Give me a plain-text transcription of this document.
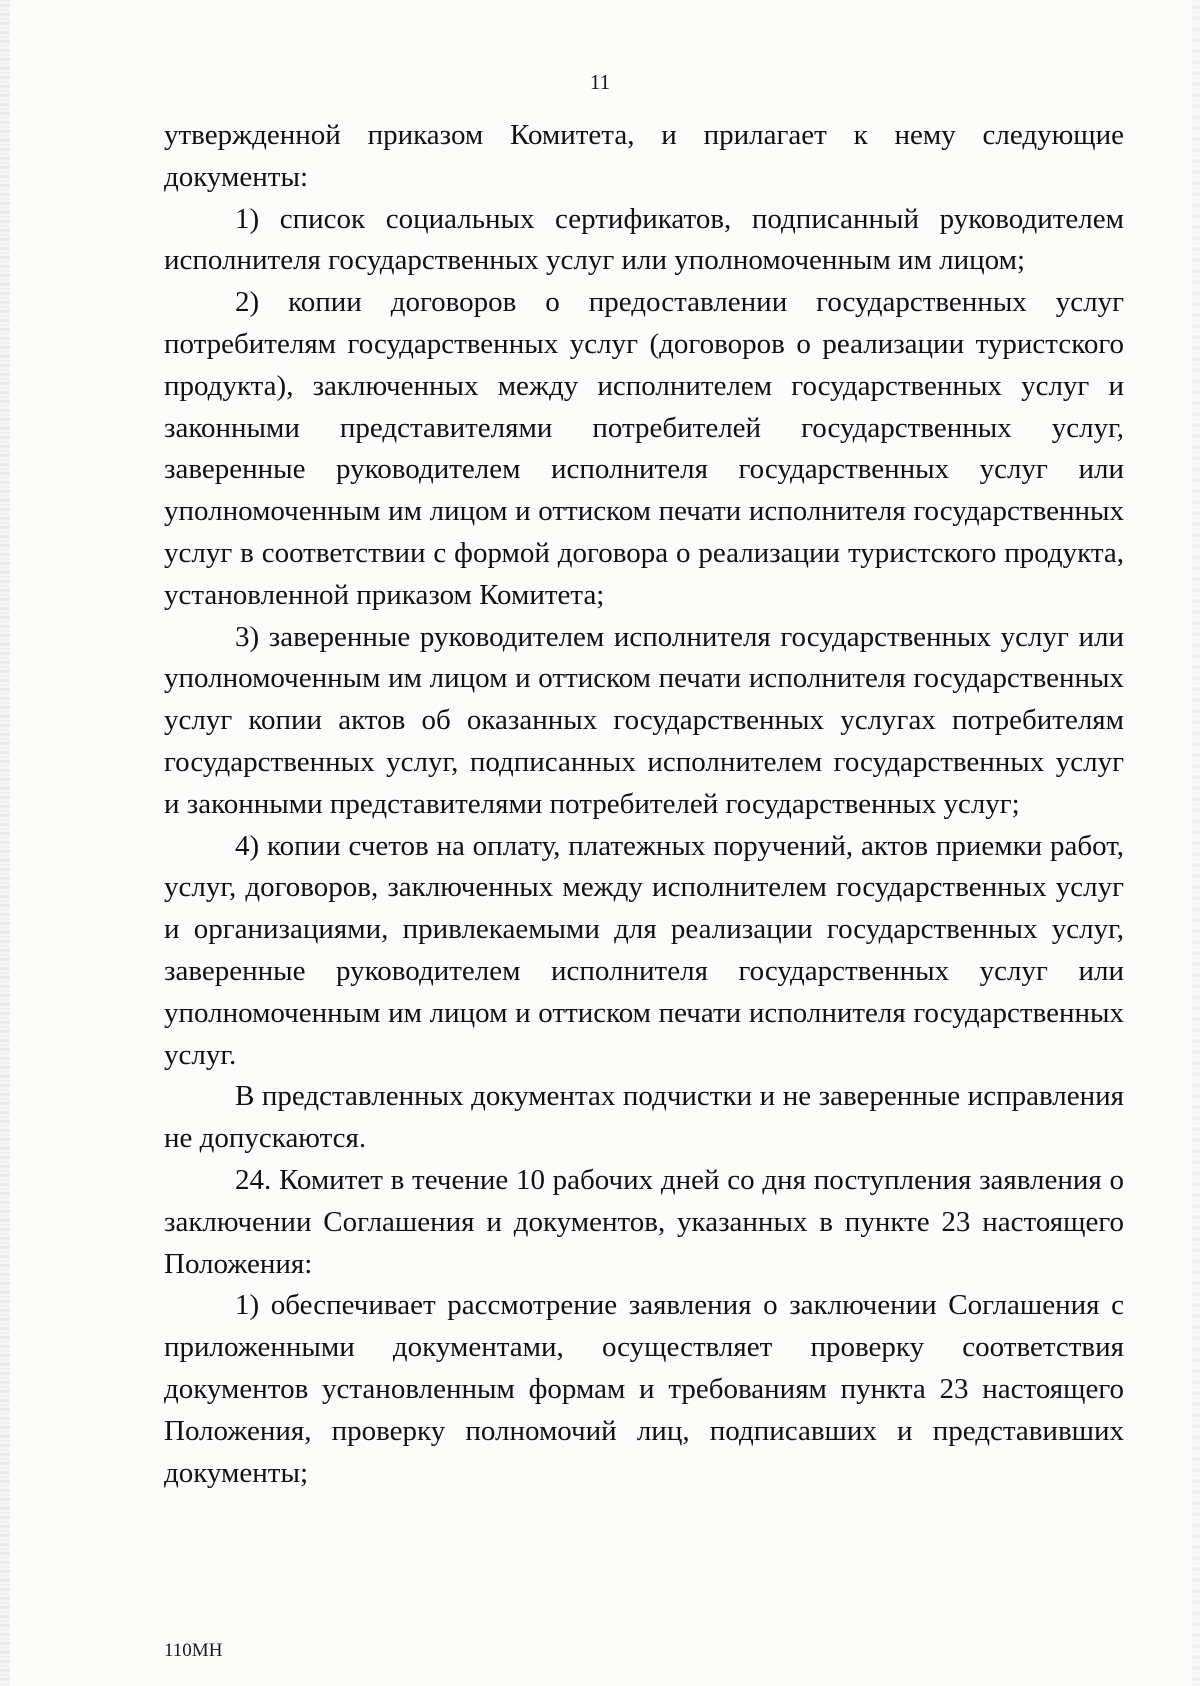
11

утвержденной приказом Комитета, и прилагает к нему следующие документы:

1) список социальных сертификатов, подписанный руководителем исполнителя государственных услуг или уполномоченным им лицом;

2) копии договоров о предоставлении государственных услуг потребителям государственных услуг (договоров о реализации туристского продукта), заключенных между исполнителем государственных услуг и законными представителями потребителей государственных услуг, заверенные руководителем исполнителя государственных услуг или уполномоченным им лицом и оттиском печати исполнителя государственных услуг в соответствии с формой договора о реализации туристского продукта, установленной приказом Комитета;

3) заверенные руководителем исполнителя государственных услуг или уполномоченным им лицом и оттиском печати исполнителя государственных услуг копии актов об оказанных государственных услугах потребителям государственных услуг, подписанных исполнителем государственных услуг и законными представителями потребителей государственных услуг;

4) копии счетов на оплату, платежных поручений, актов приемки работ, услуг, договоров, заключенных между исполнителем государственных услуг и организациями, привлекаемыми для реализации государственных услуг, заверенные руководителем исполнителя государственных услуг или уполномоченным им лицом и оттиском печати исполнителя государственных услуг.

В представленных документах подчистки и не заверенные исправления не допускаются.

24. Комитет в течение 10 рабочих дней со дня поступления заявления о заключении Соглашения и документов, указанных в пункте 23 настоящего Положения:

1) обеспечивает рассмотрение заявления о заключении Соглашения с приложенными документами, осуществляет проверку соответствия документов установленным формам и требованиям пункта 23 настоящего Положения, проверку полномочий лиц, подписавших и представивших документы;

110МН
